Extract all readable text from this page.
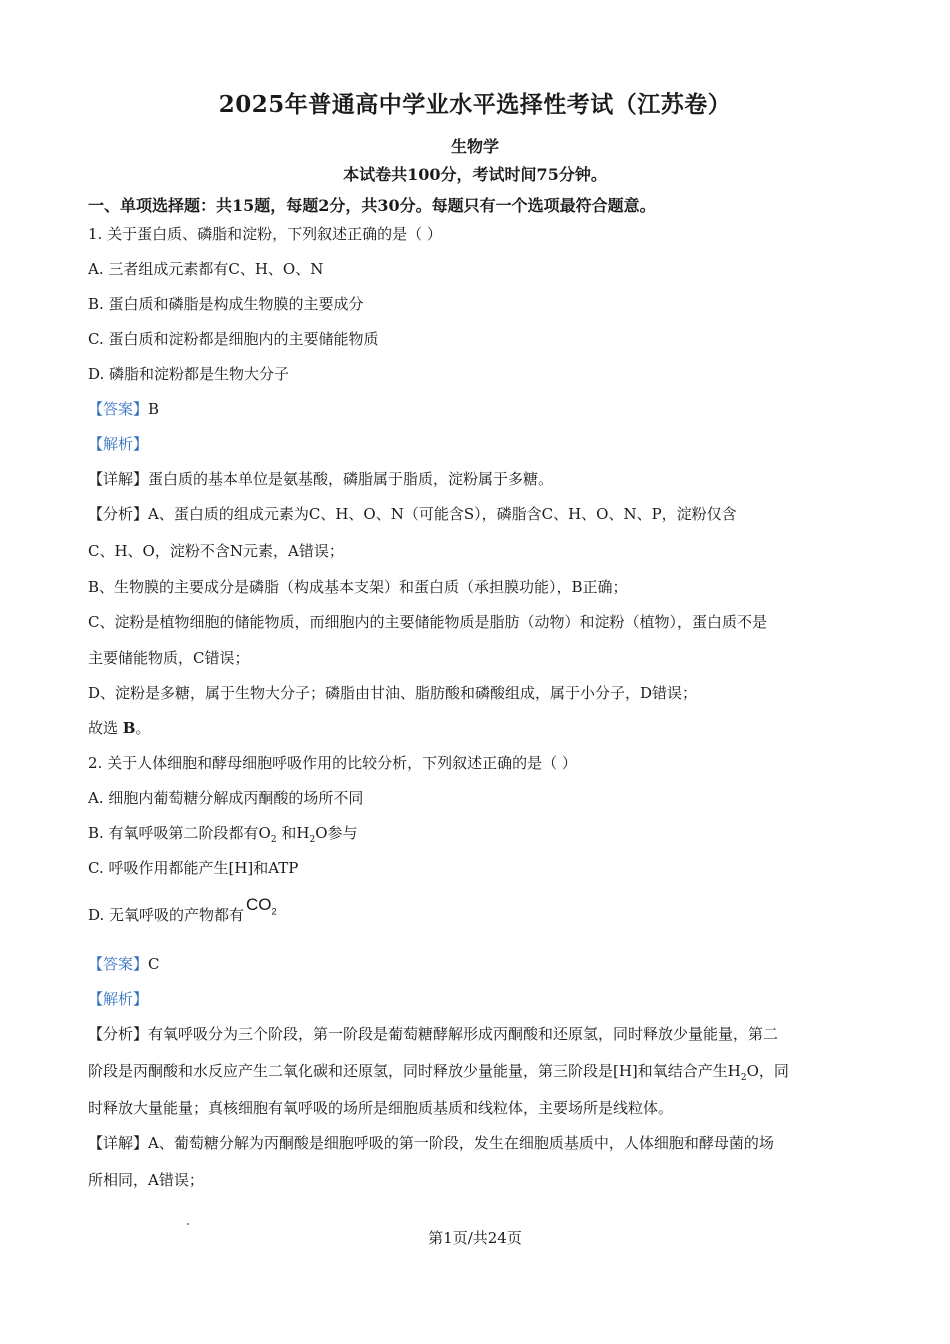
2025年普通高中学业水平选择性考试（江苏卷）
生物学
本试卷共100分，考试时间75分钟。
一、单项选择题：共15题，每题2分，共30分。每题只有一个选项最符合题意。
1. 关于蛋白质、磷脂和淀粉，下列叙述正确的是（ ）
A. 三者组成元素都有C、H、O、N
B. 蛋白质和磷脂是构成生物膜的主要成分
C. 蛋白质和淀粉都是细胞内的主要储能物质
D. 磷脂和淀粉都是生物大分子
【答案】B
【解析】
【详解】蛋白质的基本单位是氨基酸，磷脂属于脂质，淀粉属于多糖。
【分析】A、蛋白质的组成元素为C、H、O、N（可能含S），磷脂含C、H、O、N、P，淀粉仅含
C、H、O，淀粉不含N元素，A错误；
B、生物膜的主要成分是磷脂（构成基本支架）和蛋白质（承担膜功能），B正确；
C、淀粉是植物细胞的储能物质，而细胞内的主要储能物质是脂肪（动物）和淀粉（植物），蛋白质不是
主要储能物质，C错误；
D、淀粉是多糖，属于生物大分子；磷脂由甘油、脂肪酸和磷酸组成，属于小分子，D错误；
故选 B。
2. 关于人体细胞和酵母细胞呼吸作用的比较分析，下列叙述正确的是（ ）
A. 细胞内葡萄糖分解成丙酮酸的场所不同
B. 有氧呼吸第二阶段都有$O_2$ 和$H_2O$参与
C. 呼吸作用都能产生[H]和ATP
D. 无氧呼吸的产物都有$CO_2$
【答案】C
【解析】
【分析】有氧呼吸分为三个阶段，第一阶段是葡萄糖酵解形成丙酮酸和还原氢，同时释放少量能量，第二
阶段是丙酮酸和水反应产生二氧化碳和还原氢，同时释放少量能量，第三阶段是[H]和氧结合产生$H_2O$，同
时释放大量能量；真核细胞有氧呼吸的场所是细胞质基质和线粒体，主要场所是线粒体。
【详解】A、葡萄糖分解为丙酮酸是细胞呼吸的第一阶段，发生在细胞质基质中，人体细胞和酵母菌的场
所相同，A错误；
第1页/共24页
